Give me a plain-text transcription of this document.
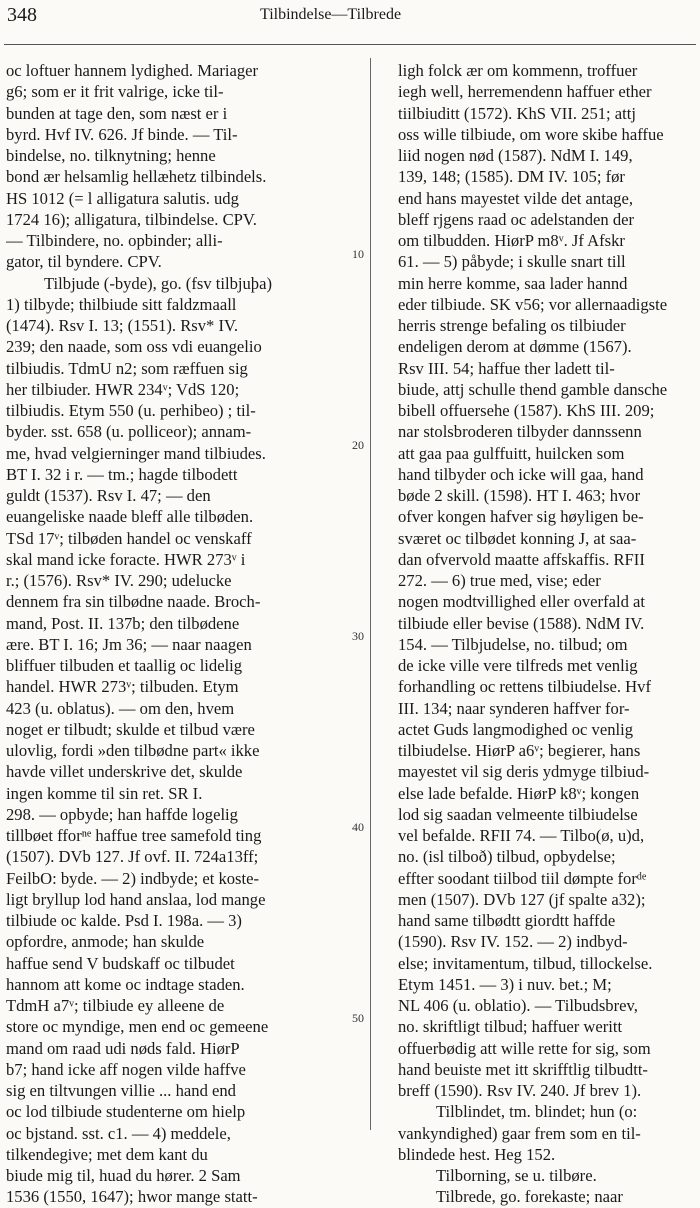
348	Tilbindelse—Tilbrede
oc loftuer hannem lydighed. Mariager
g6; som er it frit valrige, icke til-
bunden at tage den, som næst er i
byrd. Hvf IV. 626. Jf binde. — Til-
bindelse, no. tilknytning; henne
bond ær helsamlig hellæhetz tilbindels.
HS 1012 (= l alligatura salutis. udg
1724 16); alligatura, tilbindelse. CPV.
— Tilbindere, no. opbinder; alli-
gator, til byndere. CPV.
Tilbjude (-byde), go. (fsv tilbjuþa)
1) tilbyde; thilbiude sitt faldzmaall
(1474). Rsv I. 13; (1551). Rsv* IV.
239; den naade, som oss vdi euangelio
tilbiudis. TdmU n2; som ræffuen sig
her tilbiuder. HWR 234ᵛ; VdS 120;
tilbiudis. Etym 550 (u. perhibeo) ; til-
byder. sst. 658 (u. polliceor); annam-
me, hvad velgierninger mand tilbiudes.
BT I. 32 i r. — tm.; hagde tilbodett
guldt (1537). Rsv I. 47; — den
euangeliske naade bleff alle tilbøden.
TSd 17ᵛ; tilbøden handel oc venskaff
skal mand icke foracte. HWR 273ᵛ i
r.; (1576). Rsv* IV. 290; udelucke
dennem fra sin tilbødne naade. Broch-
mand, Post. II. 137b; den tilbødene
ære. BT I. 16; Jm 36; — naar naagen
bliffuer tilbuden et taallig oc lidelig
handel. HWR 273ᵛ; tilbuden. Etym
423 (u. oblatus). — om den, hvem
noget er tilbudt; skulde et tilbud være
ulovlig, fordi »den tilbødne part« ikke
havde villet underskrive det, skulde
ingen komme til sin ret. SR I.
298. — opbyde; han haffde logelig
tillbøet fforⁿᵉ haffue tree samefold ting
(1507). DVb 127. Jf ovf. II. 724a13ff;
FeilbO: byde. — 2) indbyde; et koste-
ligt bryllup lod hand anslaa, lod mange
tilbiude oc kalde. Psd I. 198a. — 3)
opfordre, anmode; han skulde
haffue send V budskaff oc tilbudet
hannom att kome oc indtage staden.
TdmH a7ᵛ; tilbiude ey alleene de
store oc myndige, men end oc gemeene
mand om raad udi nøds fald. HiørP
b7; hand icke aff nogen vilde haffve
sig en tiltvungen villie ... hand end
oc lod tilbiude studenterne om hielp
oc bjstand. sst. c1. — 4) meddele,
tilkendegive; met dem kant du
biude mig til, huad du hører. 2 Sam
1536 (1550, 1647); hwor mange statt-
ligh folck ær om kommenn, troffuer
iegh well, herremendenn haffuer ether
tiilbiuditt (1572). KhS VII. 251; attj
oss wille tilbiude, om wore skibe haffue
liid nogen nød (1587). NdM I. 149,
139, 148; (1585). DM IV. 105; før
end hans mayestet vilde det antage,
bleff rjgens raad oc adelstanden der
om tilbudden. HiørP m8ᵛ. Jf Afskr
61. — 5) påbyde; i skulle snart till
min herre komme, saa lader hannd
eder tilbiude. SK v56; vor allernaadigste
herris strenge befaling os tilbiuder
endeligen derom at dømme (1567).
Rsv III. 54; haffue ther ladett til-
biude, attj schulle thend gamble dansche
bibell offuersehe (1587). KhS III. 209;
nar stolsbroderen tilbyder dannssenn
att gaa paa gulffuitt, huilcken som
hand tilbyder och icke will gaa, hand
bøde 2 skill. (1598). HT I. 463; hvor
ofver kongen hafver sig høyligen be-
sværet oc tilbødet konning J, at saa-
dan ofvervold maatte affskaffis. RFII
272. — 6) true med, vise; eder
nogen modtvillighed eller overfald at
tilbiude eller bevise (1588). NdM IV.
154. — Tilbjudelse, no. tilbud; om
de icke ville vere tilfreds met venlig
forhandling oc rettens tilbiudelse. Hvf
III. 134; naar synderen haffver for-
actet Guds langmodighed oc venlig
tilbiudelse. HiørP a6ᵛ; begierer, hans
mayestet vil sig deris ydmyge tilbiud-
else lade befalde. HiørP k8ᵛ; kongen
lod sig saadan velmeente tilbiudelse
vel befalde. RFII 74. — Tilbo(ø, u)d,
no. (isl tilboð) tilbud, opbydelse;
effter soodant tiilbod tiil dømpte forᵈᵉ
men (1507). DVb 127 (jf spalte a32);
hand same tilbødtt giordtt haffde
(1590). Rsv IV. 152. — 2) indbyd-
else; invitamentum, tilbud, tillockelse.
Etym 1451. — 3) i nuv. bet.; M;
NL 406 (u. oblatio). — Tilbudsbrev,
no. skriftligt tilbud; haffuer weritt
offuerbødig att wille rette for sig, som
hand beuiste met itt skrifftlig tilbudtt-
breff (1590). Rsv IV. 240. Jf brev 1).
Tilblindet, tm. blindet; hun (o:
vankyndighed) gaar frem som en til-
blindede hest. Heg 152.
Tilborning, se u. tilbøre.
Tilbrede, go. forekaste; naar
10
20
30
40
50
